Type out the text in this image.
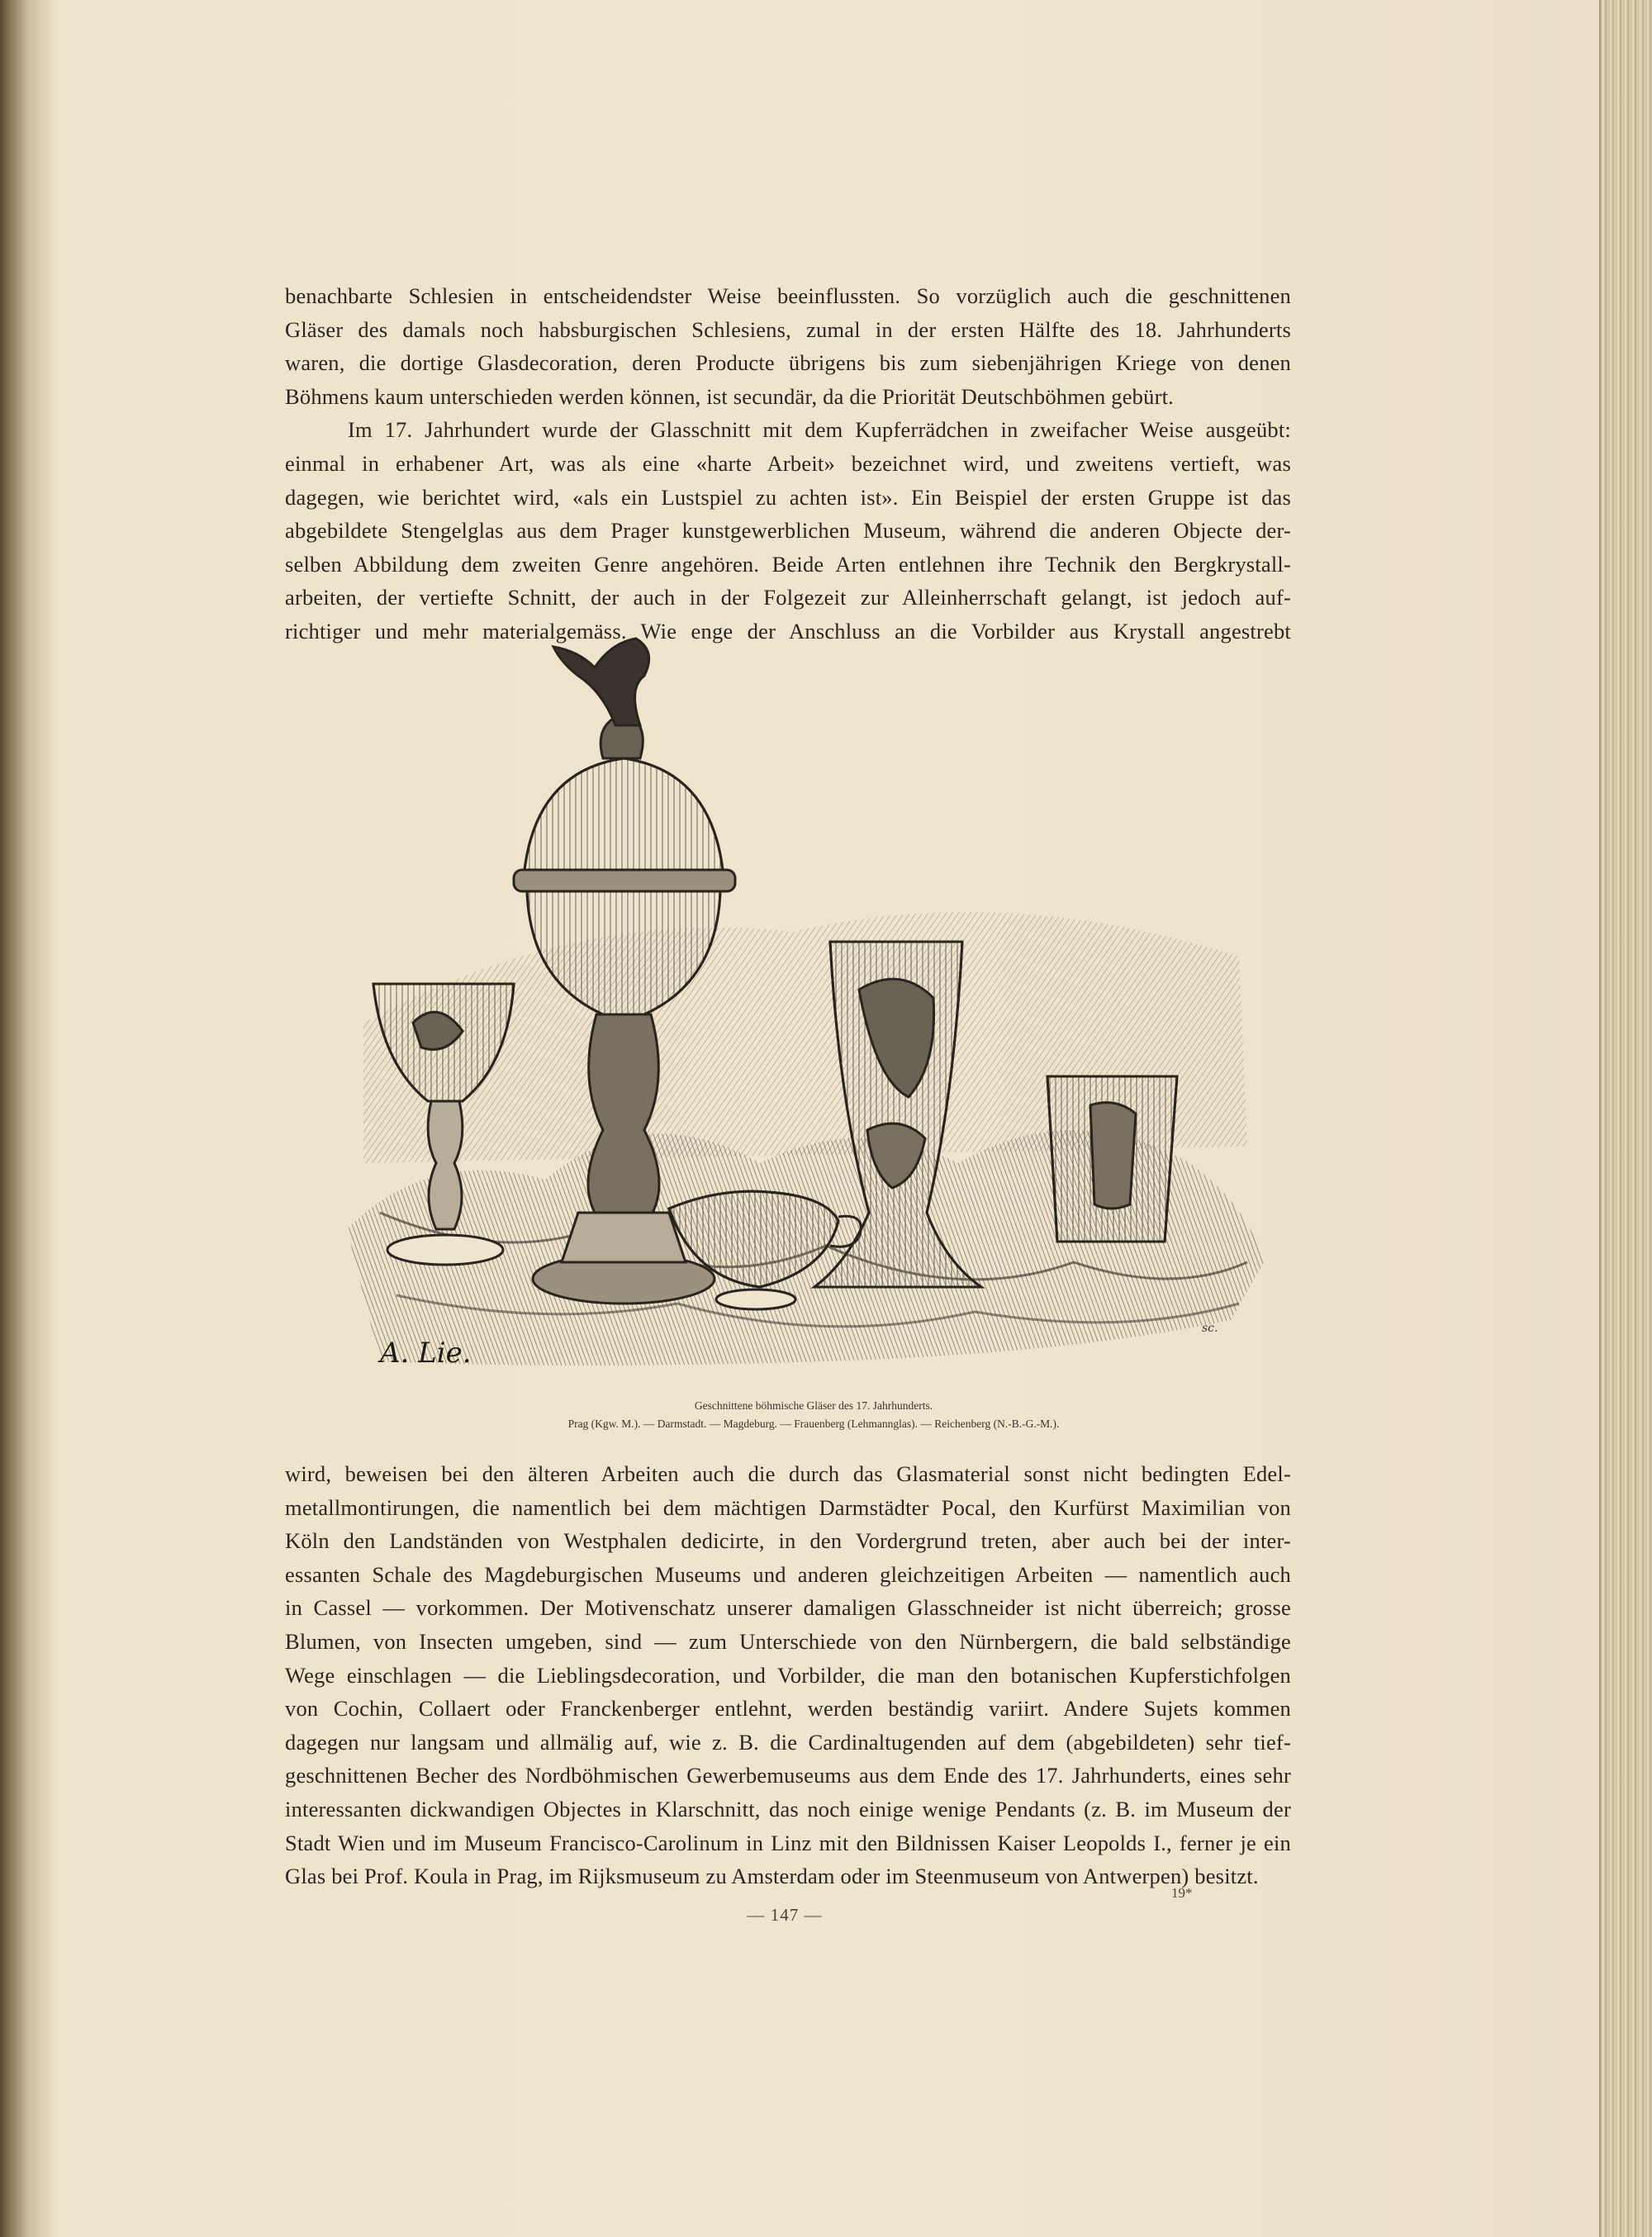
benachbarte Schlesien in entscheidendster Weise beeinflussten. So vorzüglich auch die geschnittenen

Gläser des damals noch habsburgischen Schlesiens, zumal in der ersten Hälfte des 18. Jahrhunderts

waren, die dortige Glasdecoration, deren Producte übrigens bis zum siebenjährigen Kriege von denen

Böhmens kaum unterschieden werden können, ist secundär, da die Priorität Deutschböhmen gebürt.

Im 17. Jahrhundert wurde der Glasschnitt mit dem Kupferrädchen in zweifacher Weise ausgeübt:

einmal in erhabener Art, was als eine «harte Arbeit» bezeichnet wird, und zweitens vertieft, was

dagegen, wie berichtet wird, «als ein Lustspiel zu achten ist». Ein Beispiel der ersten Gruppe ist das

abgebildete Stengelglas aus dem Prager kunstgewerblichen Museum, während die anderen Objecte der-

selben Abbildung dem zweiten Genre angehören. Beide Arten entlehnen ihre Technik den Bergkrystall-

arbeiten, der vertiefte Schnitt, der auch in der Folgezeit zur Alleinherrschaft gelangt, ist jedoch auf-

richtiger und mehr materialgemäss. Wie enge der Anschluss an die Vorbilder aus Krystall angestrebt

A. Lie.
sc.
Geschnittene böhmische Gläser des 17. Jahrhunderts.
Prag (Kgw. M.). — Darmstadt. — Magdeburg. — Frauenberg (Lehmannglas). — Reichenberg (N.-B.-G.-M.).

wird, beweisen bei den älteren Arbeiten auch die durch das Glasmaterial sonst nicht bedingten Edel-

metallmontirungen, die namentlich bei dem mächtigen Darmstädter Pocal, den Kurfürst Maximilian von

Köln den Landständen von Westphalen dedicirte, in den Vordergrund treten, aber auch bei der inter-

essanten Schale des Magdeburgischen Museums und anderen gleichzeitigen Arbeiten — namentlich auch

in Cassel — vorkommen. Der Motivenschatz unserer damaligen Glasschneider ist nicht überreich; grosse

Blumen, von Insecten umgeben, sind — zum Unterschiede von den Nürnbergern, die bald selbständige

Wege einschlagen — die Lieblingsdecoration, und Vorbilder, die man den botanischen Kupferstichfolgen

von Cochin, Collaert oder Franckenberger entlehnt, werden beständig variirt. Andere Sujets kommen

dagegen nur langsam und allmälig auf, wie z. B. die Cardinaltugenden auf dem (abgebildeten) sehr tief-

geschnittenen Becher des Nordböhmischen Gewerbemuseums aus dem Ende des 17. Jahrhunderts, eines sehr

interessanten dickwandigen Objectes in Klarschnitt, das noch einige wenige Pendants (z. B. im Museum der

Stadt Wien und im Museum Francisco-Carolinum in Linz mit den Bildnissen Kaiser Leopolds I., ferner je ein

Glas bei Prof. Koula in Prag, im Rijksmuseum zu Amsterdam oder im Steenmuseum von Antwerpen) besitzt.

19*
— 147 —
